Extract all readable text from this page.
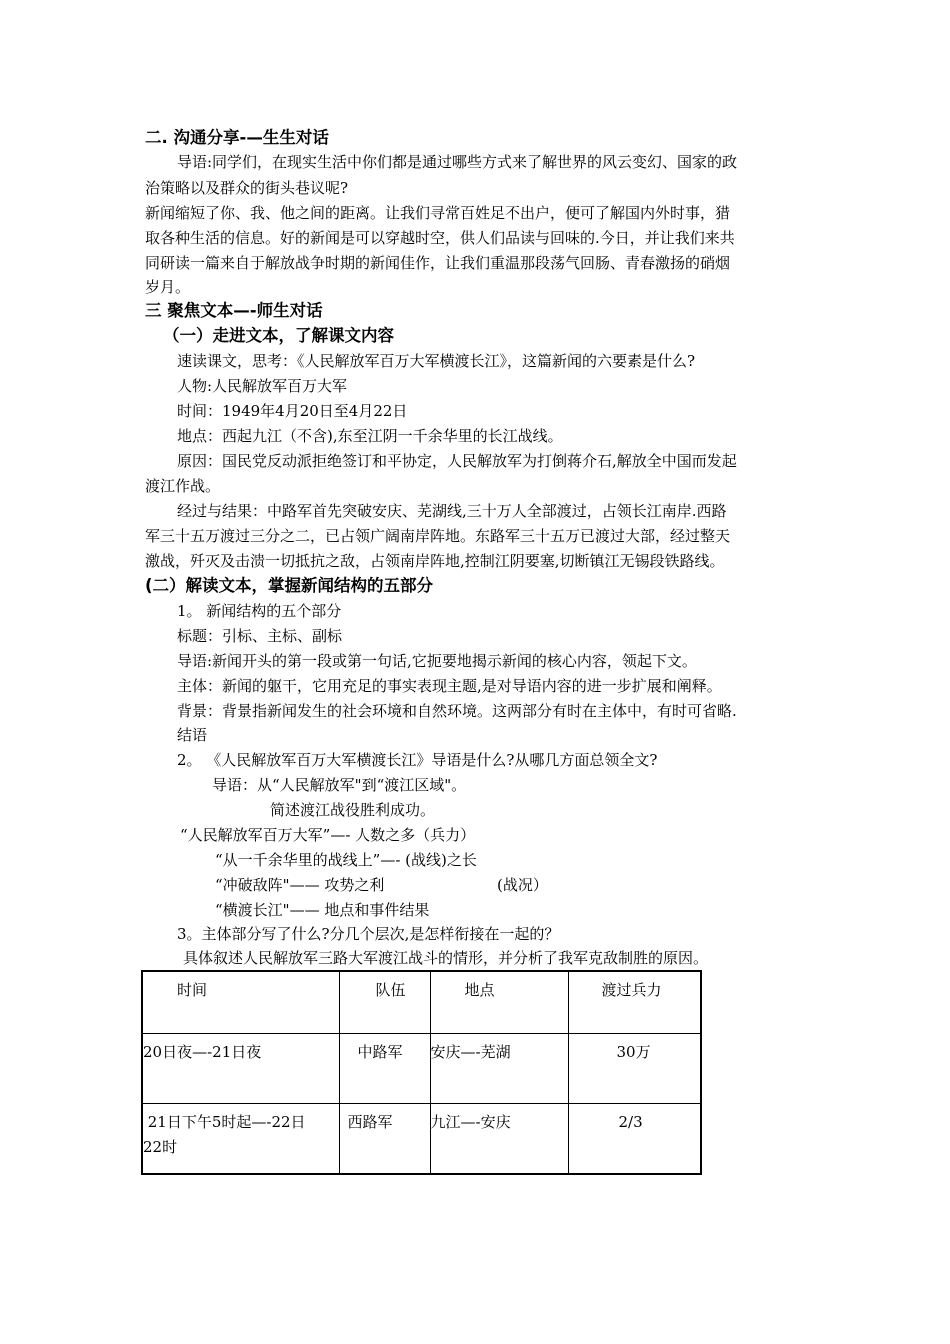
二. 沟通分享-—生生对话
导语:同学们，在现实生活中你们都是通过哪些方式来了解世界的风云变幻、国家的政
治策略以及群众的街头巷议呢?
新闻缩短了你、我、他之间的距离。让我们寻常百姓足不出户，便可了解国内外时事，猎
取各种生活的信息。好的新闻是可以穿越时空，供人们品读与回味的.今日，并让我们来共
同研读一篇来自于解放战争时期的新闻佳作，让我们重温那段荡气回肠、青春激扬的硝烟
岁月。
三 聚焦文本—-师生对话
（一）走进文本，了解课文内容
速读课文，思考：《人民解放军百万大军横渡长江》，这篇新闻的六要素是什么?
人物:人民解放军百万大军
时间：1949年4月20日至4月22日
地点：西起九江（不含),东至江阴一千余华里的长江战线。
原因：国民党反动派拒绝签订和平协定，人民解放军为打倒蒋介石,解放全中国而发起
渡江作战。
经过与结果：中路军首先突破安庆、芜湖线,三十万人全部渡过，占领长江南岸.西路
军三十五万渡过三分之二，已占领广阔南岸阵地。东路军三十五万已渡过大部，经过整天
激战，歼灭及击溃一切抵抗之敌，占领南岸阵地,控制江阴要塞,切断镇江无锡段铁路线。
(二）解读文本，掌握新闻结构的五部分
1。 新闻结构的五个部分
标题：引标、主标、副标
导语:新闻开头的第一段或第一句话,它扼要地揭示新闻的核心内容，领起下文。
主体：新闻的躯干，它用充足的事实表现主题,是对导语内容的进一步扩展和阐释。
背景：背景指新闻发生的社会环境和自然环境。这两部分有时在主体中，有时可省略.
结语
2。 《人民解放军百万大军横渡长江》导语是什么?从哪几方面总领全文?
导语：从“人民解放军"到“渡江区域"。
简述渡江战役胜利成功。
“人民解放军百万大军”—- 人数之多（兵力）
“从一千余华里的战线上”—- (战线)之长
“冲破敌阵"—— 攻势之利	(战况）
“横渡长江"—— 地点和事件结果
3。主体部分写了什么?分几个层次,是怎样衔接在一起的？
具体叙述人民解放军三路大军渡江战斗的情形，并分析了我军克敌制胜的原因。
时间	队伍	地点	渡过兵力
20日夜—-21日夜	中路军	安庆—-芜湖	30万

21日下午5时起—-22日
22时	西路军	九江—-安庆	2/3
